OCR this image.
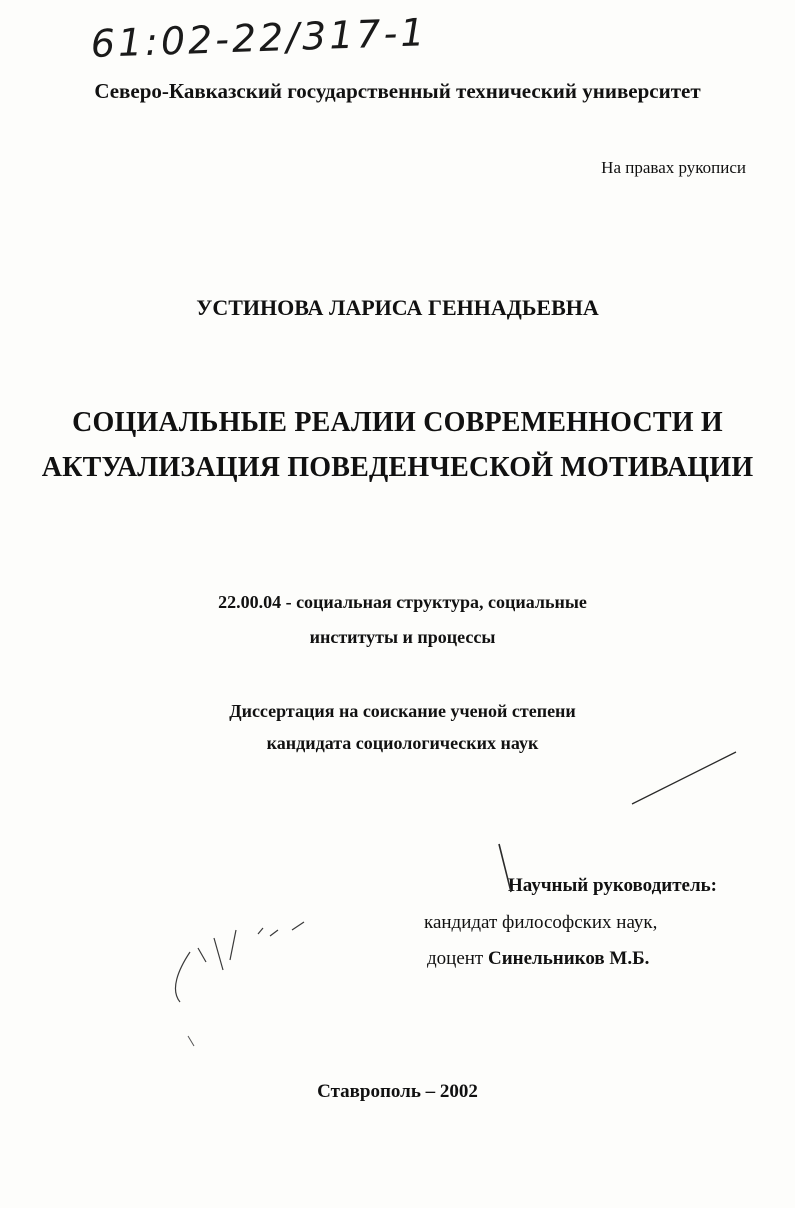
61:02-22/317-1
Северо-Кавказский государственный технический университет
На правах рукописи
УСТИНОВА ЛАРИСА ГЕННАДЬЕВНА
СОЦИАЛЬНЫЕ РЕАЛИИ СОВРЕМЕННОСТИ И
АКТУАЛИЗАЦИЯ ПОВЕДЕНЧЕСКОЙ МОТИВАЦИИ
22.00.04 - социальная структура, социальные
институты и процессы
Диссертация на соискание ученой степени
кандидата социологических наук
Научный руководитель:
кандидат философских наук,
доцент Синельников М.Б.
Ставрополь – 2002
